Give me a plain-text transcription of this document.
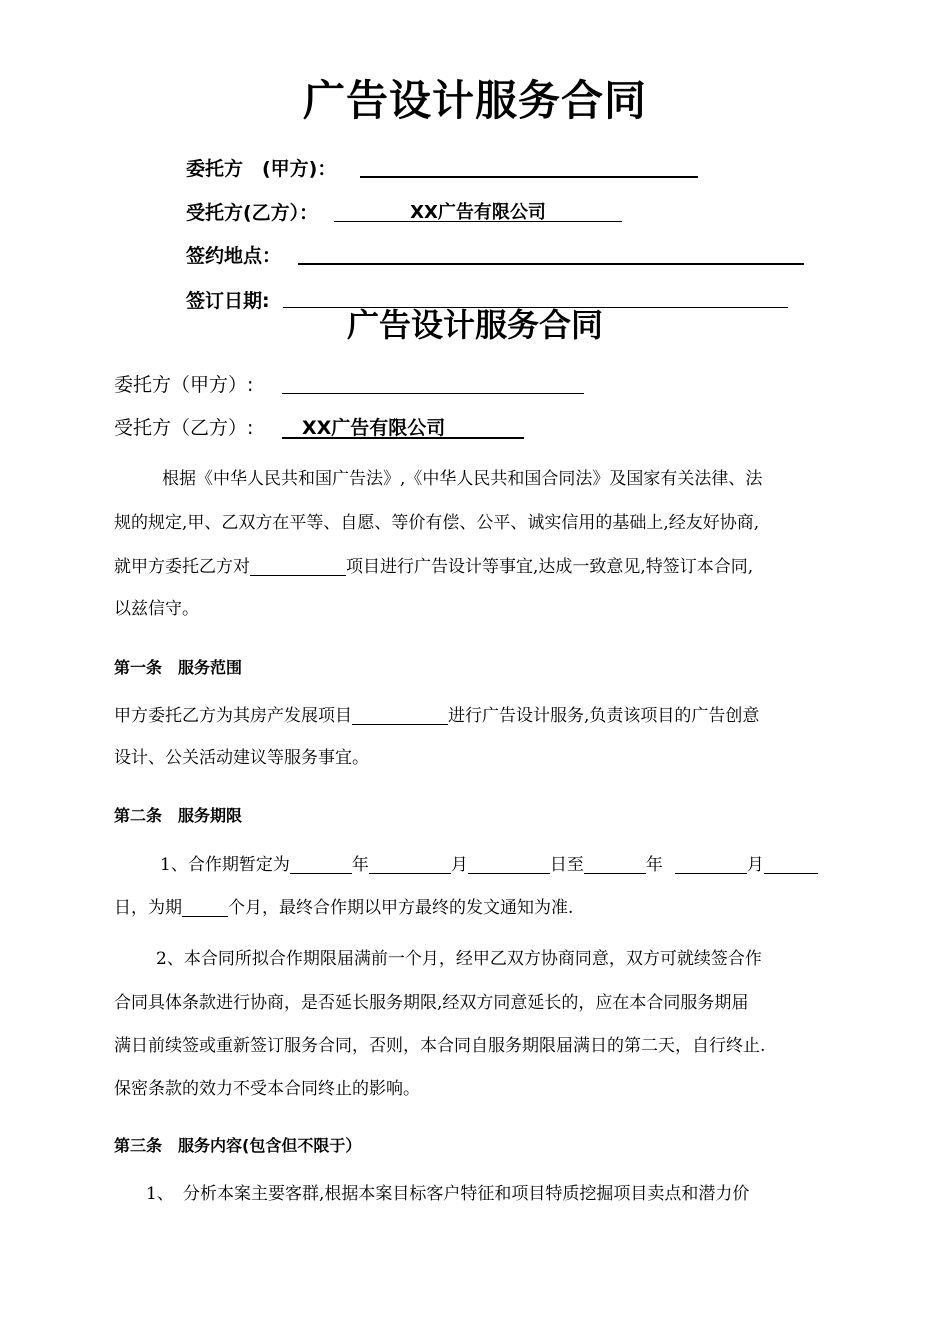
广告设计服务合同
委托方　(甲方)：
受托方(乙方）：	XX广告有限公司
签约地点：
签订日期:
广告设计服务合同
委托方（甲方）:
受托方（乙方）:	XX广告有限公司
根据《中华人民共和国广告法》,《中华人民共和国合同法》及国家有关法律、法
规的规定,甲、乙双方在平等、自愿、等价有偿、公平、诚实信用的基础上,经友好协商,
就甲方委托乙方对	项目进行广告设计等事宜,达成一致意见,特签订本合同,
以兹信守。
第一条　服务范围
甲方委托乙方为其房产发展项目	进行广告设计服务,负责该项目的广告创意
设计、公关活动建议等服务事宜。
第二条　服务期限
1、合作期暂定为	年	月	日至	年	月
日，为期	个月，最终合作期以甲方最终的发文通知为准.
2、本合同所拟合作期限届满前一个月，经甲乙双方协商同意，双方可就续签合作
合同具体条款进行协商，是否延长服务期限,经双方同意延长的，应在本合同服务期届
满日前续签或重新签订服务合同，否则，本合同自服务期限届满日的第二天，自行终止.
保密条款的效力不受本合同终止的影响。
第三条　服务内容(包含但不限于）
1、 分析本案主要客群,根据本案目标客户特征和项目特质挖掘项目卖点和潜力价
